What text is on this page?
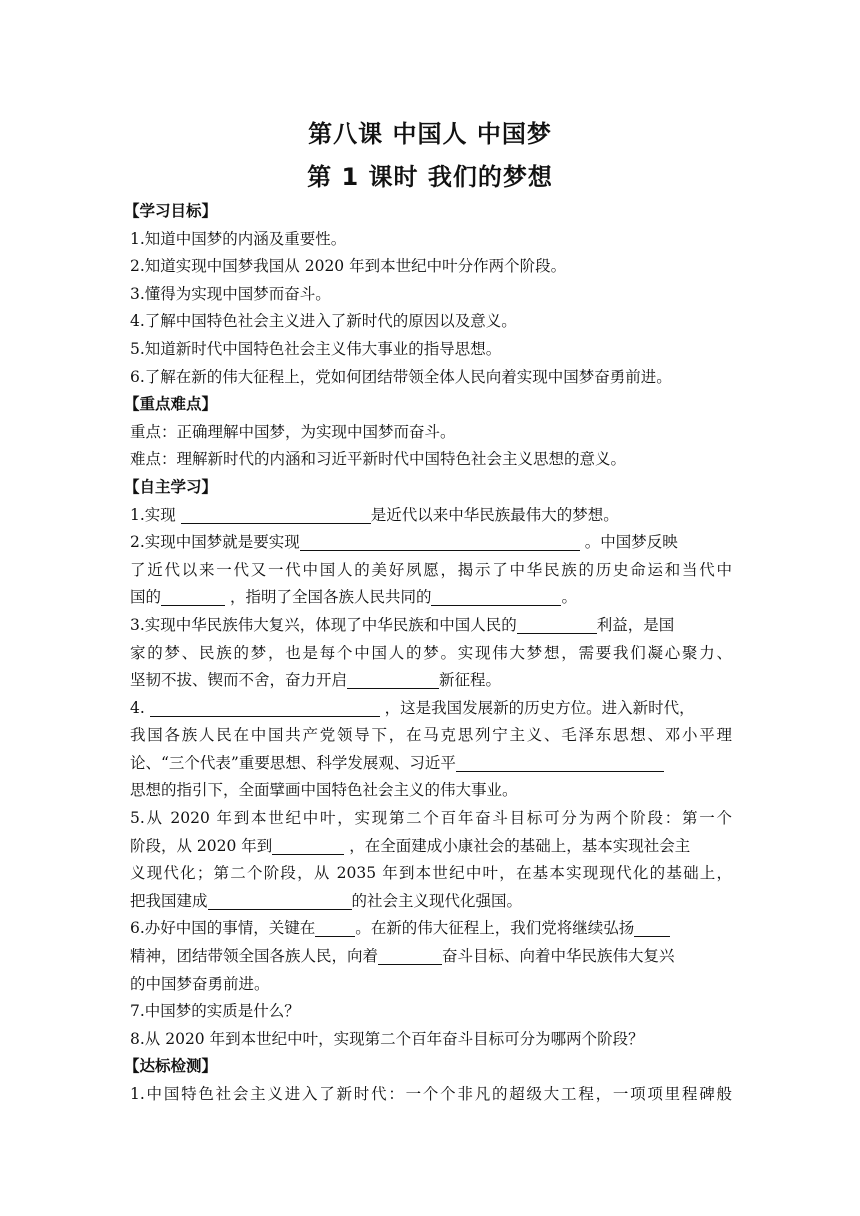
第八课 中国人 中国梦
第 1 课时 我们的梦想
【学习目标】
1.知道中国梦的内涵及重要性。
2.知道实现中国梦我国从 2020 年到本世纪中叶分作两个阶段。
3.懂得为实现中国梦而奋斗。
4.了解中国特色社会主义进入了新时代的原因以及意义。
5.知道新时代中国特色社会主义伟大事业的指导思想。
6.了解在新的伟大征程上，党如何团结带领全体人民向着实现中国梦奋勇前进。
【重点难点】
重点：正确理解中国梦，为实现中国梦而奋斗。
难点：理解新时代的内涵和习近平新时代中国特色社会主义思想的意义。
【自主学习】
1.实现	是近代以来中华民族最伟大的梦想。
2.实现中国梦就是要实现	。中国梦反映
了近代以来一代又一代中国人的美好夙愿，揭示了中华民族的历史命运和当代中
国的	，指明了全国各族人民共同的	。
3.实现中华民族伟大复兴，体现了中华民族和中国人民的	利益，是国
家的梦、民族的梦，也是每个中国人的梦。实现伟大梦想，需要我们凝心聚力、
坚韧不拔、锲而不舍，奋力开启	新征程。
4.	，这是我国发展新的历史方位。进入新时代，
我国各族人民在中国共产党领导下，在马克思列宁主义、毛泽东思想、邓小平理
论、“三个代表”重要思想、科学发展观、习近平
思想的指引下，全面擘画中国特色社会主义的伟大事业。
5.从 2020 年到本世纪中叶，实现第二个百年奋斗目标可分为两个阶段：第一个
阶段，从 2020 年到	，在全面建成小康社会的基础上，基本实现社会主
义现代化；第二个阶段，从 2035 年到本世纪中叶，在基本实现现代化的基础上，
把我国建成	的社会主义现代化强国。
6.办好中国的事情，关键在	。在新的伟大征程上，我们党将继续弘扬
精神，团结带领全国各族人民，向着	奋斗目标、向着中华民族伟大复兴
的中国梦奋勇前进。
7.中国梦的实质是什么？
8.从 2020 年到本世纪中叶，实现第二个百年奋斗目标可分为哪两个阶段？
【达标检测】
1.中国特色社会主义进入了新时代：一个个非凡的超级大工程，一项项里程碑般
